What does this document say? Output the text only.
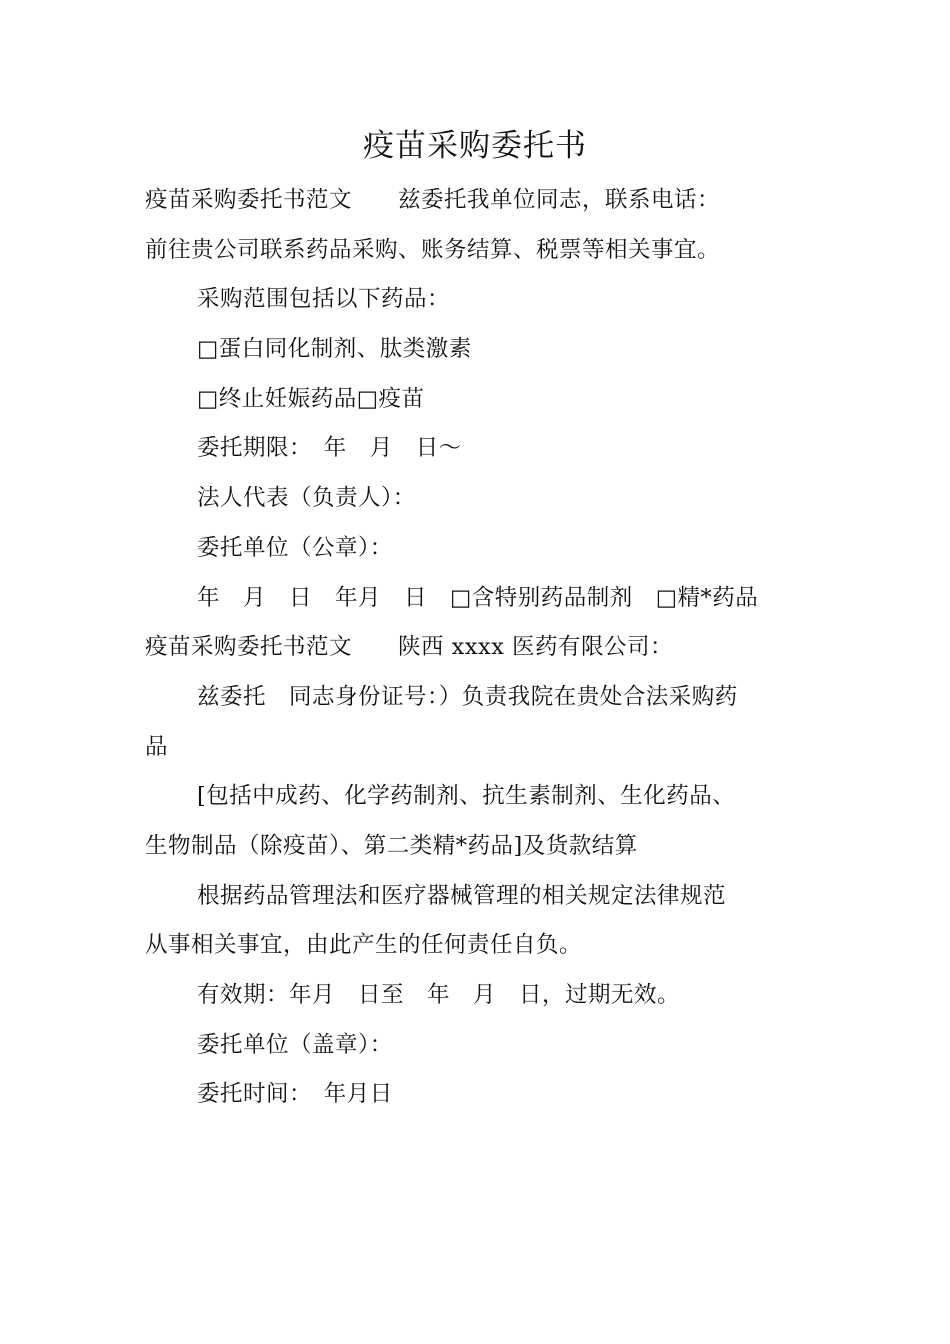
疫苗采购委托书
疫苗采购委托书范文　　兹委托我单位同志，联系电话：
前往贵公司联系药品采购、账务结算、税票等相关事宜。
采购范围包括以下药品：
□蛋白同化制剂、肽类激素
□终止妊娠药品□疫苗
委托期限：　年　月　日～
法人代表（负责人）：
委托单位（公章）：
年　月　日　年月　日　□含特别药品制剂　□精*药品
疫苗采购委托书范文　　陕西 xxxx 医药有限公司：
兹委托　同志身份证号：）负责我院在贵处合法采购药
品
[包括中成药、化学药制剂、抗生素制剂、生化药品、
生物制品（除疫苗）、第二类精*药品]及货款结算
根据药品管理法和医疗器械管理的相关规定法律规范
从事相关事宜，由此产生的任何责任自负。
有效期：年月　日至　年　月　日，过期无效。
委托单位（盖章）：
委托时间：　年月日
